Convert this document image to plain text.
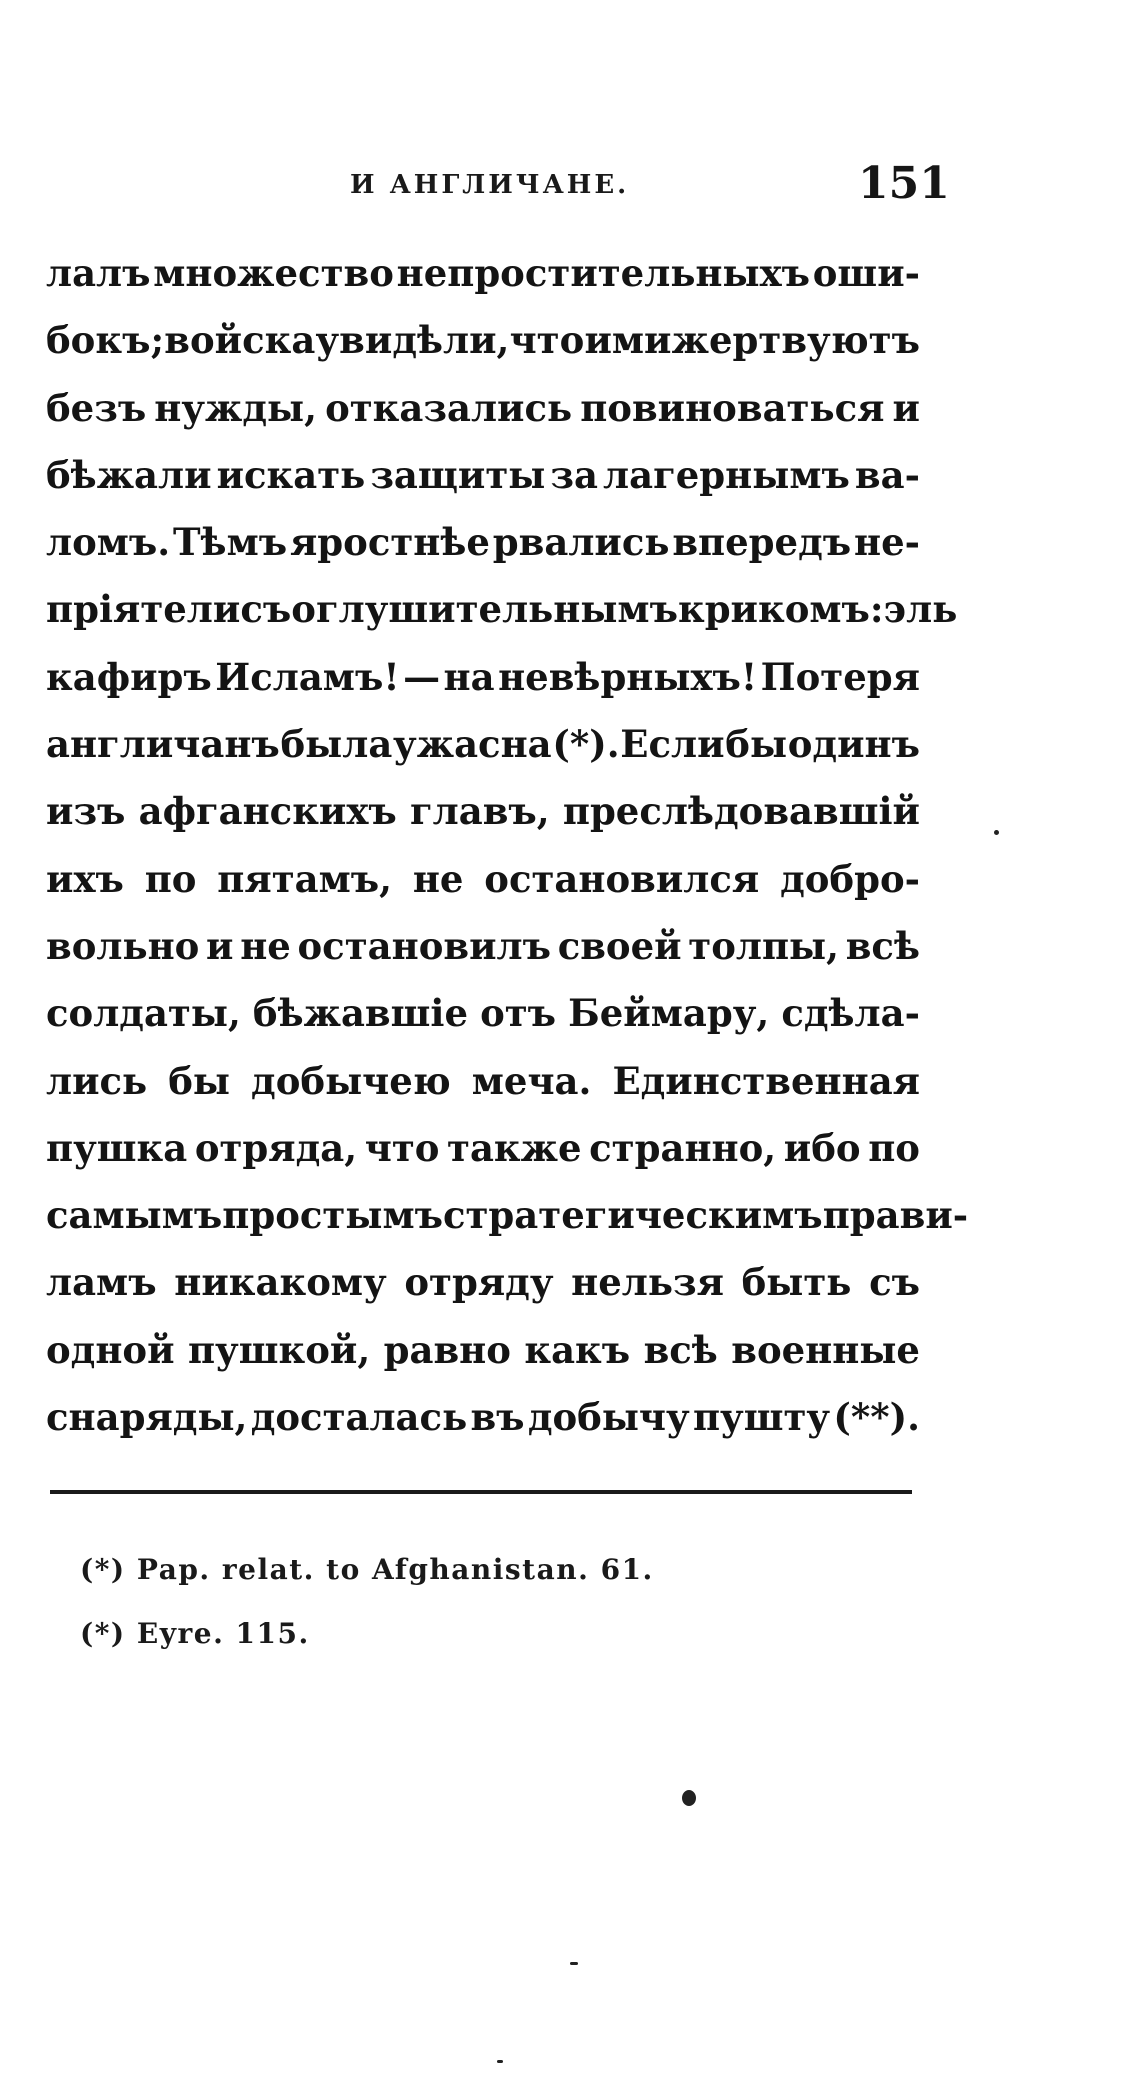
И АНГЛИЧАНЕ.	151
лалъ множество непростительныхъ оши-
бокъ; войска увидѣли, что ими жертвуютъ
безъ нужды, отказались повиноваться и
бѣжали искать защиты за лагернымъ ва-
ломъ. Тѣмъ яростнѣе рвались впередъ не-
пріятели съ оглушительнымъ крикомъ: эль
кафиръ Исламъ! — на невѣрныхъ! Потеря
англичанъ была ужасна (*). Если бы одинъ
изъ афганскихъ главъ, преслѣдовавшій
ихъ по пятамъ, не остановился добро-
вольно и не остановилъ своей толпы, всѣ
солдаты, бѣжавшіе отъ Беймару, сдѣла-
лись бы добычею меча. Единственная
пушка отряда, что также странно, ибо по
самымъ простымъ стратегическимъ прави-
ламъ никакому отряду нельзя быть съ
одной пушкой, равно какъ всѣ военные
снаряды, досталась въ добычу пушту (**).
(*) Pap. relat. to Afghanistan. 61.
(*) Eyre. 115.
